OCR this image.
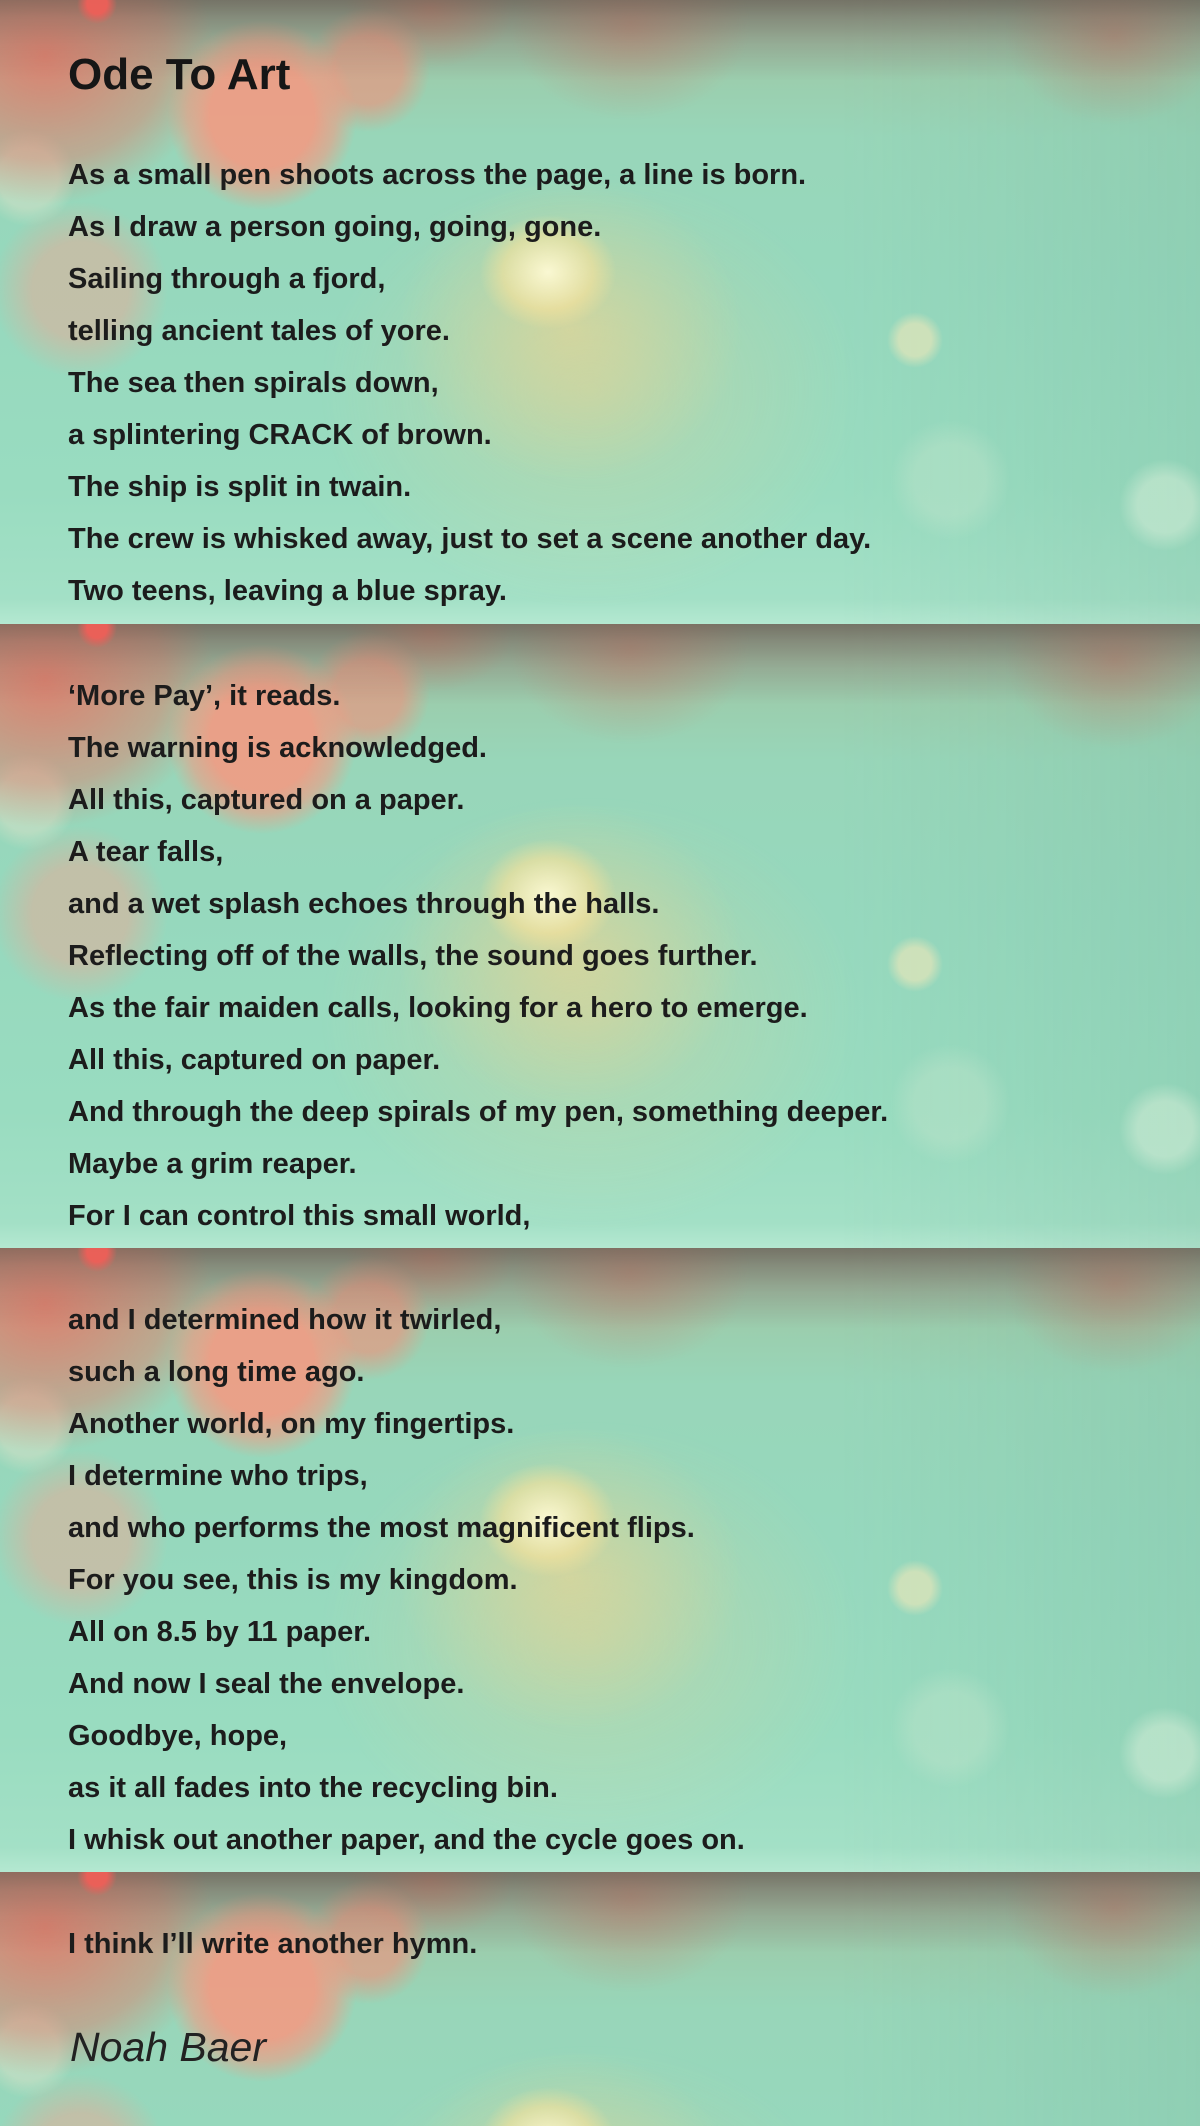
Ode To Art
As a small pen shoots across the page, a line is born.
As I draw a person going, going, gone.
Sailing through a fjord,
telling ancient tales of yore.
The sea then spirals down,
a splintering CRACK of brown.
The ship is split in twain.
The crew is whisked away, just to set a scene another day.
Two teens, leaving a blue spray.
‘More Pay’, it reads.
The warning is acknowledged.
All this, captured on a paper.
A tear falls,
and a wet splash echoes through the halls.
Reflecting off of the walls, the sound goes further.
As the fair maiden calls, looking for a hero to emerge.
All this, captured on paper.
And through the deep spirals of my pen, something deeper.
Maybe a grim reaper.
For I can control this small world,
and I determined how it twirled,
such a long time ago.
Another world, on my fingertips.
I determine who trips,
and who performs the most magnificent flips.
For you see, this is my kingdom.
All on 8.5 by 11 paper.
And now I seal the envelope.
Goodbye, hope,
as it all fades into the recycling bin.
I whisk out another paper, and the cycle goes on.
I think I’ll write another hymn.
Noah Baer
